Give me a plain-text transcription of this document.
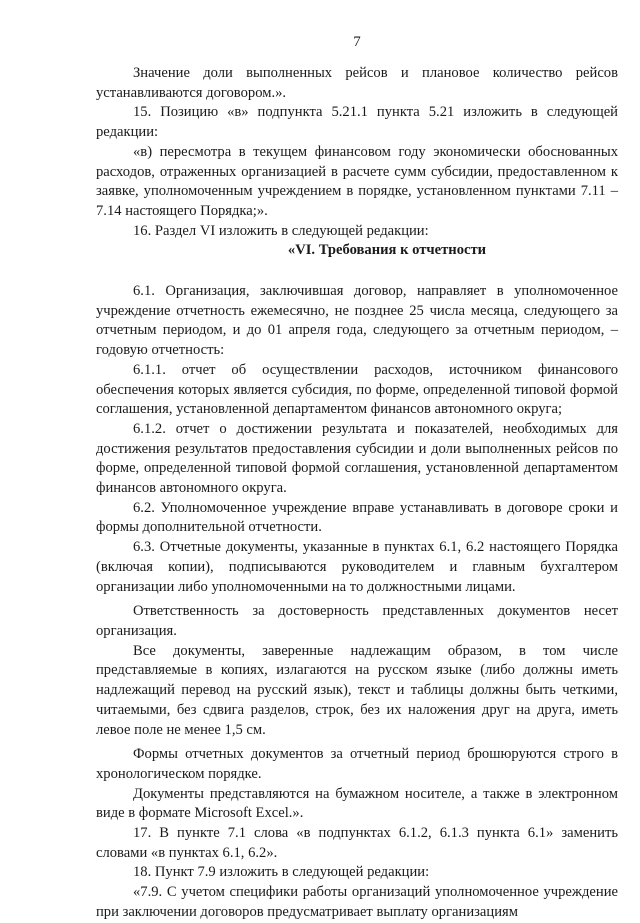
7

Значение доли выполненных рейсов и плановое количество рейсов устанавливаются договором.».

15. Позицию «в» подпункта 5.21.1 пункта 5.21 изложить в следующей редакции:

«в) пересмотра в текущем финансовом году экономически обоснованных расходов, отраженных организацией в расчете сумм субсидии, предоставленном к заявке, уполномоченным учреждением в порядке, установленном пунктами 7.11 – 7.14 настоящего Порядка;».

16. Раздел VI изложить в следующей редакции:

«VI. Требования к отчетности

6.1. Организация, заключившая договор, направляет в уполномоченное учреждение отчетность ежемесячно, не позднее 25 числа месяца, следующего за отчетным периодом, и до 01 апреля года, следующего за отчетным периодом, – годовую отчетность:

6.1.1. отчет об осуществлении расходов, источником финансового обеспечения которых является субсидия, по форме, определенной типовой формой соглашения, установленной департаментом финансов автономного округа;

6.1.2. отчет о достижении результата и показателей, необходимых для достижения результатов предоставления субсидии и доли выполненных рейсов по форме, определенной типовой формой соглашения, установленной департаментом финансов автономного округа.

6.2. Уполномоченное учреждение вправе устанавливать в договоре сроки и формы дополнительной отчетности.

6.3. Отчетные документы, указанные в пунктах 6.1, 6.2 настоящего Порядка (включая копии), подписываются руководителем и главным бухгалтером организации либо уполномоченными на то должностными лицами.

Ответственность за достоверность представленных документов несет организация.

Все документы, заверенные надлежащим образом, в том числе представляемые в копиях, излагаются на русском языке (либо должны иметь надлежащий перевод на русский язык), текст и таблицы должны быть четкими, читаемыми, без сдвига разделов, строк, без их наложения друг на друга, иметь левое поле не менее 1,5 см.

Формы отчетных документов за отчетный период брошюруются строго в хронологическом порядке.

Документы представляются на бумажном носителе, а также в электронном виде в формате Microsoft Excel.».

17. В пункте 7.1 слова «в подпунктах 6.1.2, 6.1.3 пункта 6.1» заменить словами «в пунктах 6.1, 6.2».

18. Пункт 7.9 изложить в следующей редакции:

«7.9. С учетом специфики работы организаций уполномоченное учреждение при заключении договоров предусматривает выплату организациям
